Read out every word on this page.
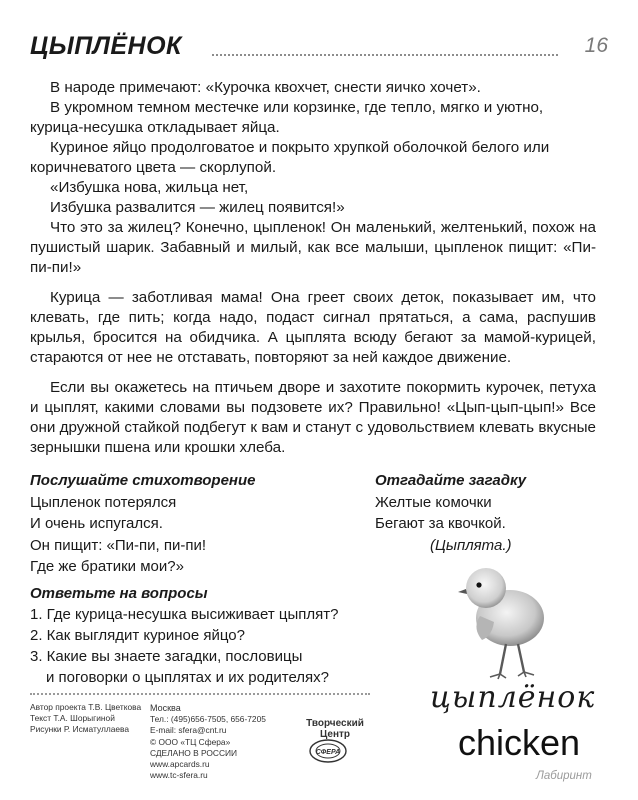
ЦЫПЛЁНОК	16

В народе примечают: «Курочка квохчет, снести яичко хочет».

В укромном темном местечке или корзинке, где тепло, мягко и уютно, курица-несушка откладывает яйца.

Куриное яйцо продолговатое и покрыто хрупкой оболочкой белого или коричневатого цвета — скорлупой.

«Избушка нова, жильца нет,

Избушка развалится — жилец появится!»

Что это за жилец? Конечно, цыпленок! Он маленький, желтенький, похож на пушистый шарик. Забавный и милый, как все малыши, цыпленок пищит: «Пи-пи-пи!»

Курица — заботливая мама! Она греет своих деток, показывает им, что клевать, где пить; когда надо, подаст сигнал прятаться, а сама, распушив крылья, бросится на обидчика. А цыплята всюду бегают за мамой-курицей, стараются от нее не отставать, повторяют за ней каждое движение.

Если вы окажетесь на птичьем дворе и захотите покормить курочек, петуха и цыплят, какими словами вы подзовете их? Правильно! «Цып-цып-цып!» Все они дружной стайкой подбегут к вам и станут с удовольствием клевать вкусные зернышки пшена или крошки хлеба.

Послушайте стихотворение

Цыпленок потерялся

И очень испугался.

Он пищит: «Пи-пи, пи-пи!

Где же братики мои?»

Отгадайте загадку

Желтые комочки

Бегают за квочкой.

(Цыплята.)

Ответьте на вопросы

1. Где курица-несушка высиживает цыплят?

2. Как выглядит куриное яйцо?

3. Какие вы знаете загадки, пословицы

и поговорки о цыплятах и их родителях?

Автор проекта Т.В. Цветкова
Текст Т.А. Шорыгиной
Рисунки Р. Исматуллаева
Москва
Тел.: (495)656-7505, 656-7205
E-mail: sfera@cnt.ru
© ООО «ТЦ Сфера»
СДЕЛАНО В РОССИИ
www.apcards.ru
www.tc-sfera.ru
Творческий
Центр
СФЕРА
цыплёнок
chicken
Лабиринт
